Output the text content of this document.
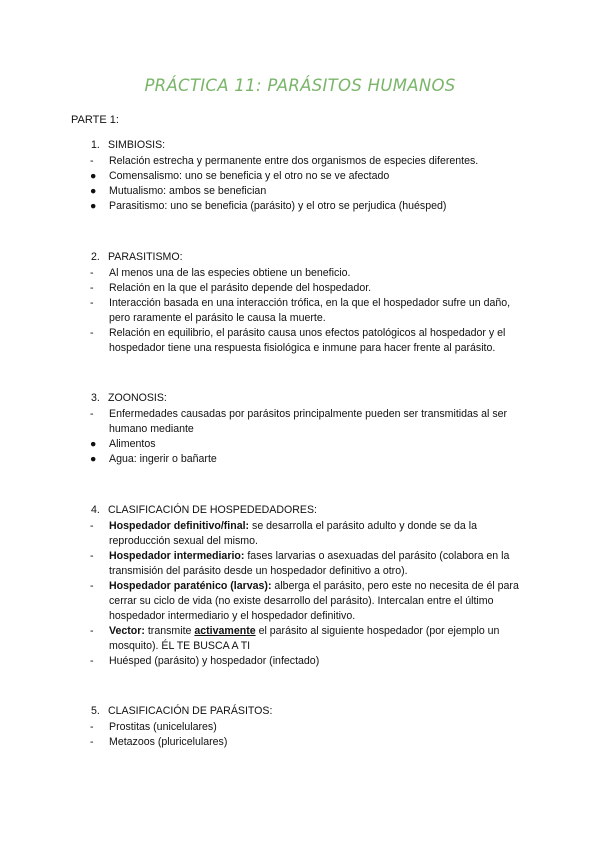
PRÁCTICA 11: PARÁSITOS HUMANOS
PARTE 1:
1. SIMBIOSIS:
-	Relación estrecha y permanente entre dos organismos de especies diferentes.
●	Comensalismo: uno se beneficia y el otro no se ve afectado
●	Mutualismo: ambos se benefician
●	Parasitismo: uno se beneficia (parásito) y el otro se perjudica (huésped)
2. PARASITISMO:
-	Al menos una de las especies obtiene un beneficio.
-	Relación en la que el parásito depende del hospedador.
-	Interacción basada en una interacción trófica, en la que el hospedador sufre un daño, pero raramente el parásito le causa la muerte.
-	Relación en equilibrio, el parásito causa unos efectos patológicos al hospedador y el hospedador tiene una respuesta fisiológica e inmune para hacer frente al parásito.
3. ZOONOSIS:
-	Enfermedades causadas por parásitos principalmente pueden ser transmitidas al ser humano mediante
●	Alimentos
●	Agua: ingerir o bañarte
4. CLASIFICACIÓN DE HOSPEDEDADORES:
-	Hospedador definitivo/final: se desarrolla el parásito adulto y donde se da la reproducción sexual del mismo.
-	Hospedador intermediario: fases larvarias o asexuadas del parásito (colabora en la transmisión del parásito desde un hospedador definitivo a otro).
-	Hospedador paraténico (larvas): alberga el parásito, pero este no necesita de él para cerrar su ciclo de vida (no existe desarrollo del parásito). Intercalan entre el último hospedador intermediario y el hospedador definitivo.
-	Vector: transmite activamente el parásito al siguiente hospedador (por ejemplo un mosquito). ÉL TE BUSCA A TI
-	Huésped (parásito) y hospedador (infectado)
5. CLASIFICACIÓN DE PARÁSITOS:
-	Prostitas (unicelulares)
-	Metazoos (pluricelulares)
